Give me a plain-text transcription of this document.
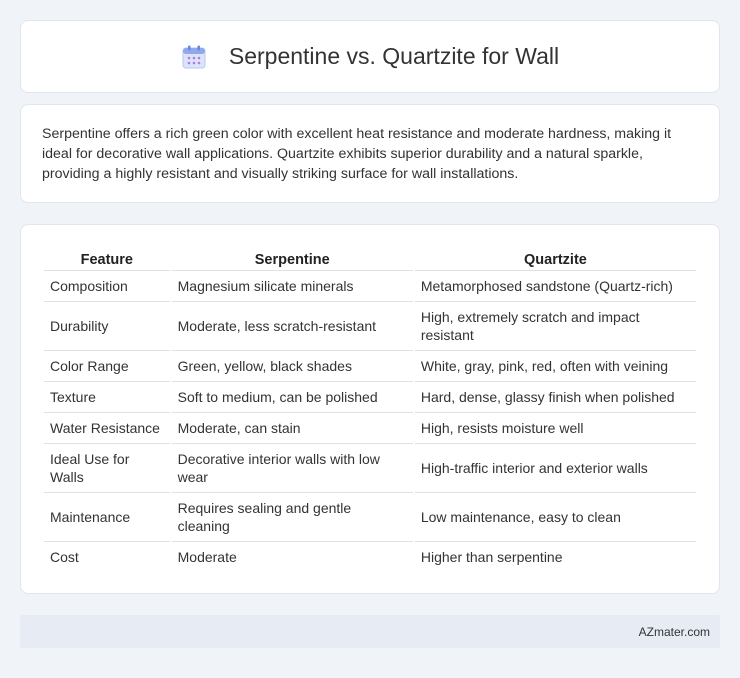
Serpentine vs. Quartzite for Wall

Serpentine offers a rich green color with excellent heat resistance and moderate hardness, making it ideal for decorative wall applications. Quartzite exhibits superior durability and a natural sparkle, providing a highly resistant and visually striking surface for wall installations.

Feature	Serpentine	Quartzite
Composition	Magnesium silicate minerals	Metamorphosed sandstone (Quartz-rich)
Durability	Moderate, less scratch-resistant	High, extremely scratch and impact resistant
Color Range	Green, yellow, black shades	White, gray, pink, red, often with veining
Texture	Soft to medium, can be polished	Hard, dense, glassy finish when polished
Water Resistance	Moderate, can stain	High, resists moisture well
Ideal Use for Walls	Decorative interior walls with low wear	High-traffic interior and exterior walls
Maintenance	Requires sealing and gentle cleaning	Low maintenance, easy to clean
Cost	Moderate	Higher than serpentine
AZmater.com
